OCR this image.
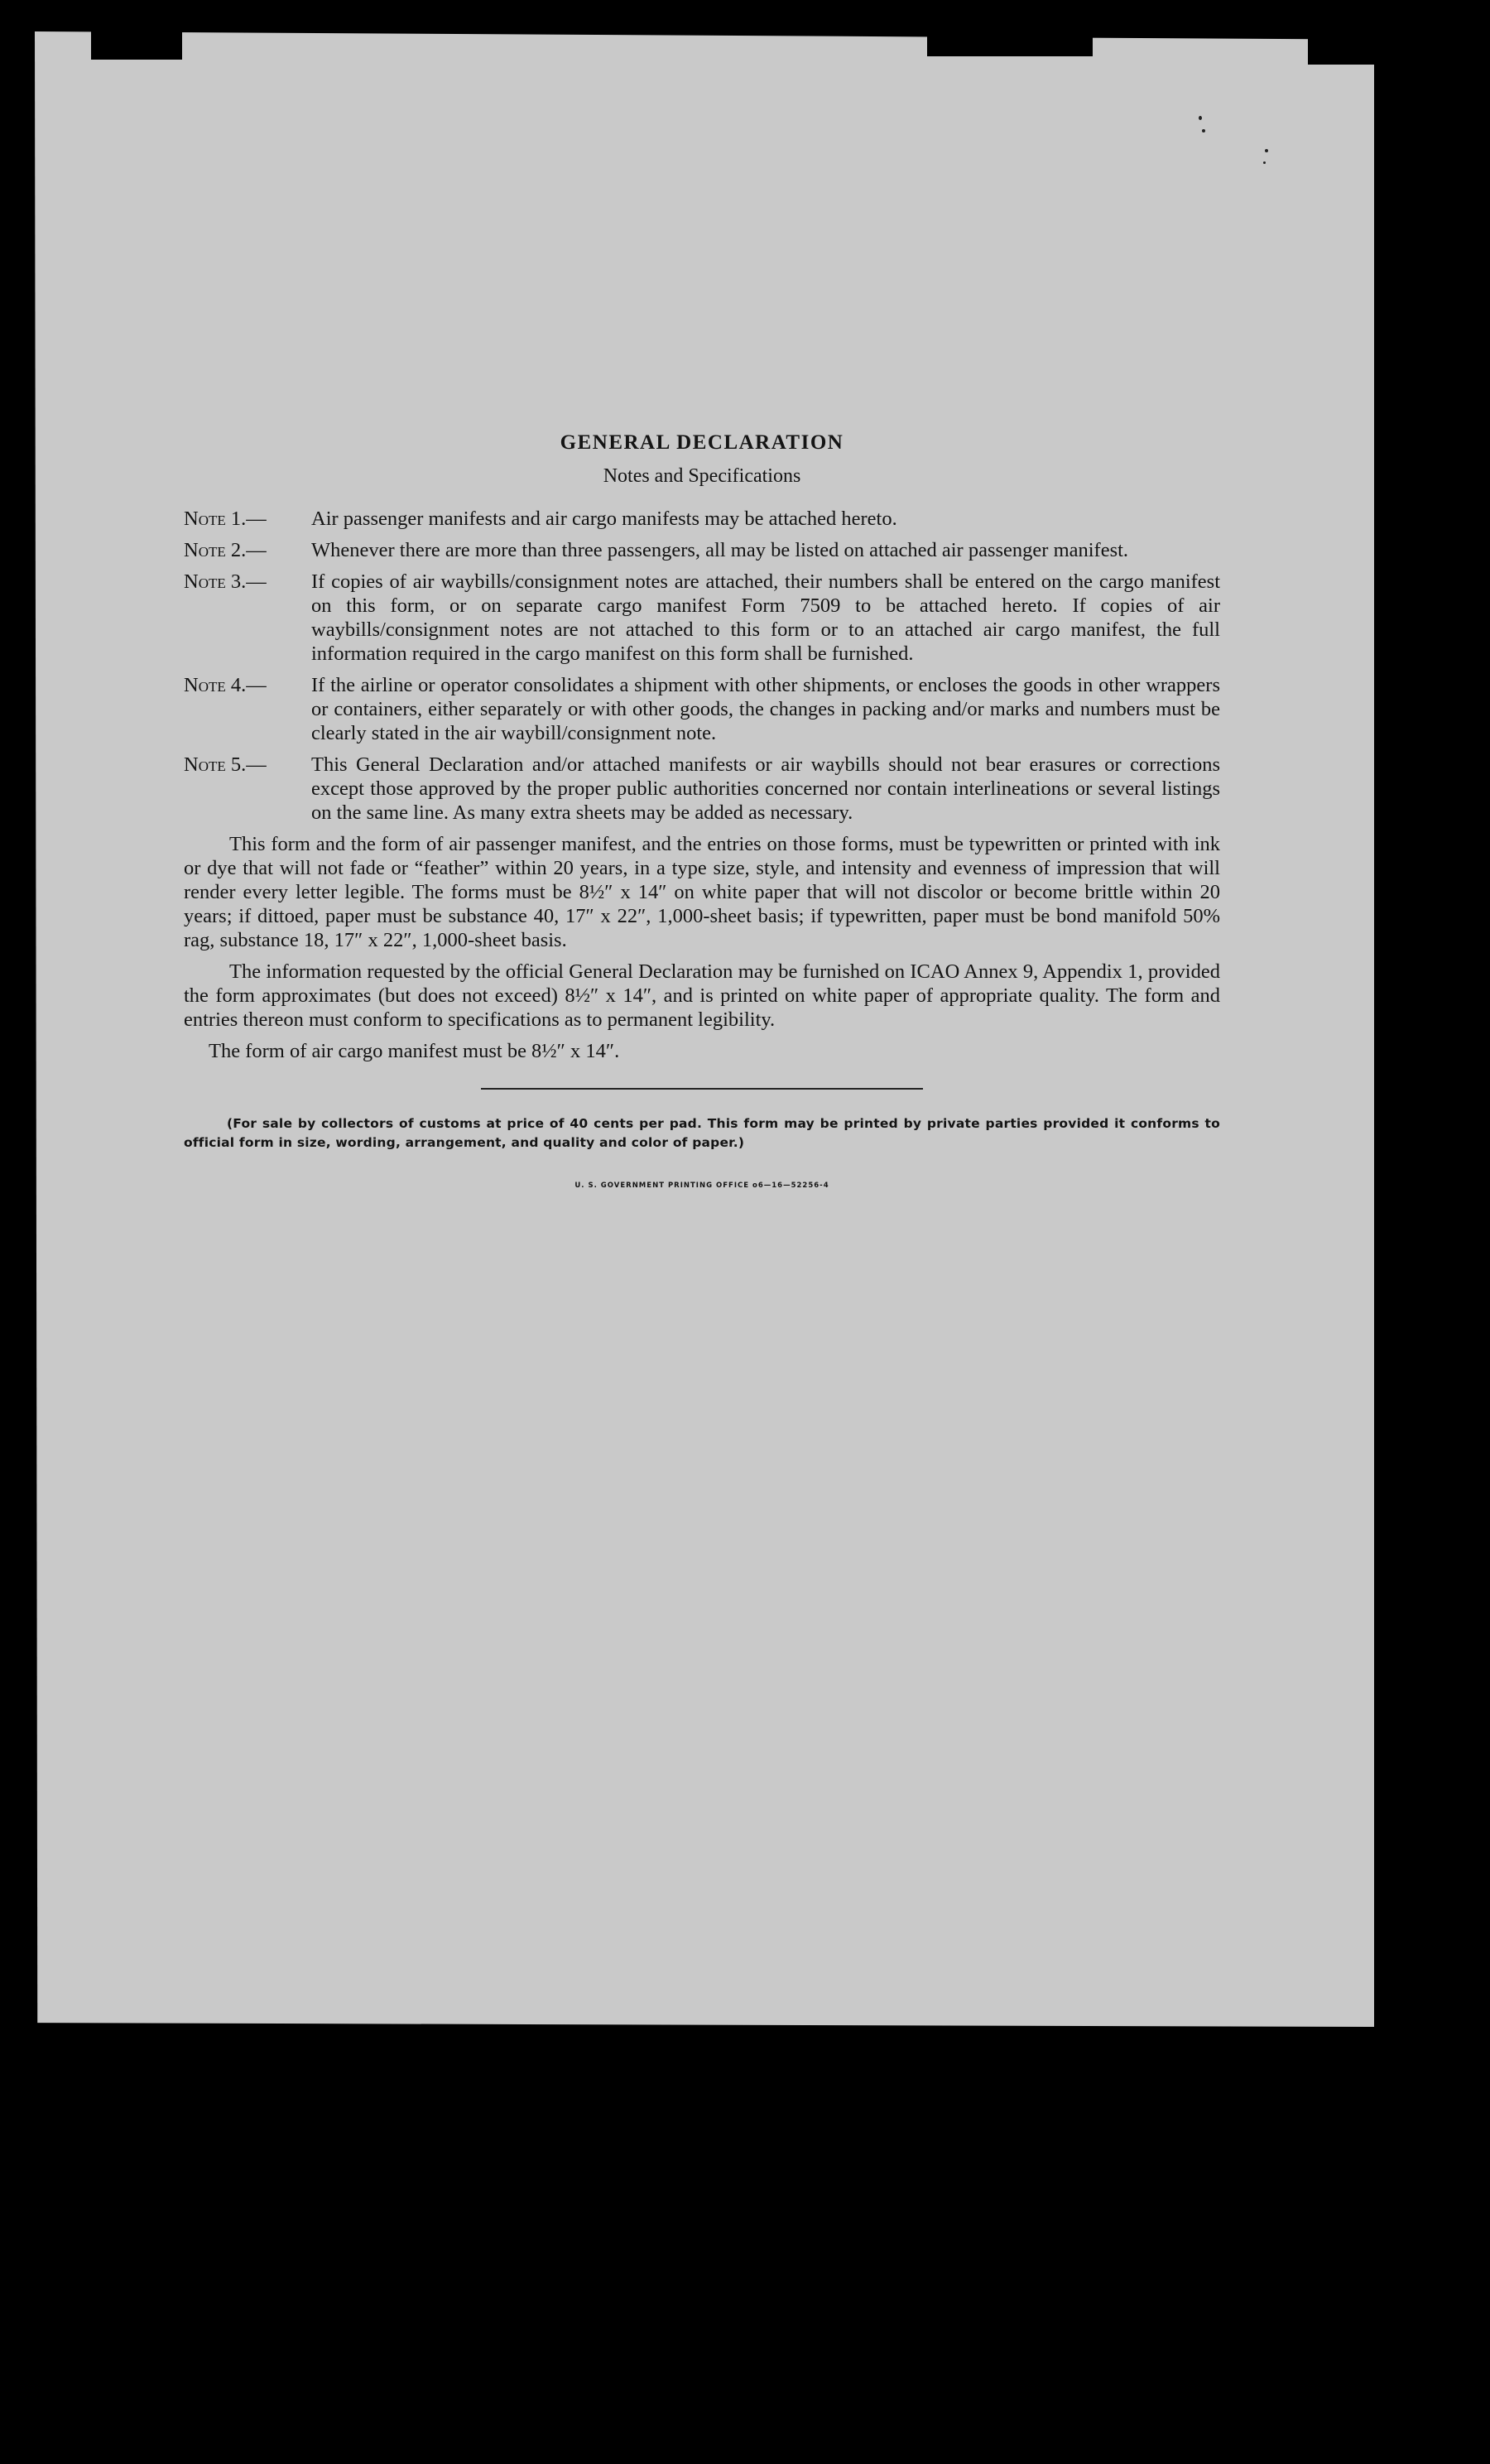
GENERAL DECLARATION
Notes and Specifications
Note 1.—	Air passenger manifests and air cargo manifests may be attached hereto.
Note 2.—	Whenever there are more than three passengers, all may be listed on attached air passenger manifest.
Note 3.—	If copies of air waybills/consignment notes are attached, their numbers shall be entered on the cargo manifest on this form, or on separate cargo manifest Form 7509 to be attached hereto. If copies of air waybills/consignment notes are not attached to this form or to an attached air cargo manifest, the full information required in the cargo manifest on this form shall be furnished.
Note 4.—	If the airline or operator consolidates a shipment with other shipments, or encloses the goods in other wrappers or containers, either separately or with other goods, the changes in packing and/or marks and numbers must be clearly stated in the air waybill/consignment note.
Note 5.—	This General Declaration and/or attached manifests or air waybills should not bear erasures or corrections except those approved by the proper public authorities concerned nor contain interlineations or several listings on the same line. As many extra sheets may be added as necessary.

This form and the form of air passenger manifest, and the entries on those forms, must be typewritten or printed with ink or dye that will not fade or “feather” within 20 years, in a type size, style, and intensity and evenness of impression that will render every letter legible. The forms must be 8½″ x 14″ on white paper that will not discolor or become brittle within 20 years; if dittoed, paper must be substance 40, 17″ x 22″, 1,000-sheet basis; if typewritten, paper must be bond manifold 50% rag, substance 18, 17″ x 22″, 1,000-sheet basis.

The information requested by the official General Declaration may be furnished on ICAO Annex 9, Appendix 1, provided the form approximates (but does not exceed) 8½″ x 14″, and is printed on white paper of appropriate quality. The form and entries thereon must conform to specifications as to permanent legibility.

The form of air cargo manifest must be 8½″ x 14″.

(For sale by collectors of customs at price of 40 cents per pad. This form may be printed by private parties provided it conforms to official form in size, wording, arrangement, and quality and color of paper.)

U. S. GOVERNMENT PRINTING OFFICE o6—16—52256-4
